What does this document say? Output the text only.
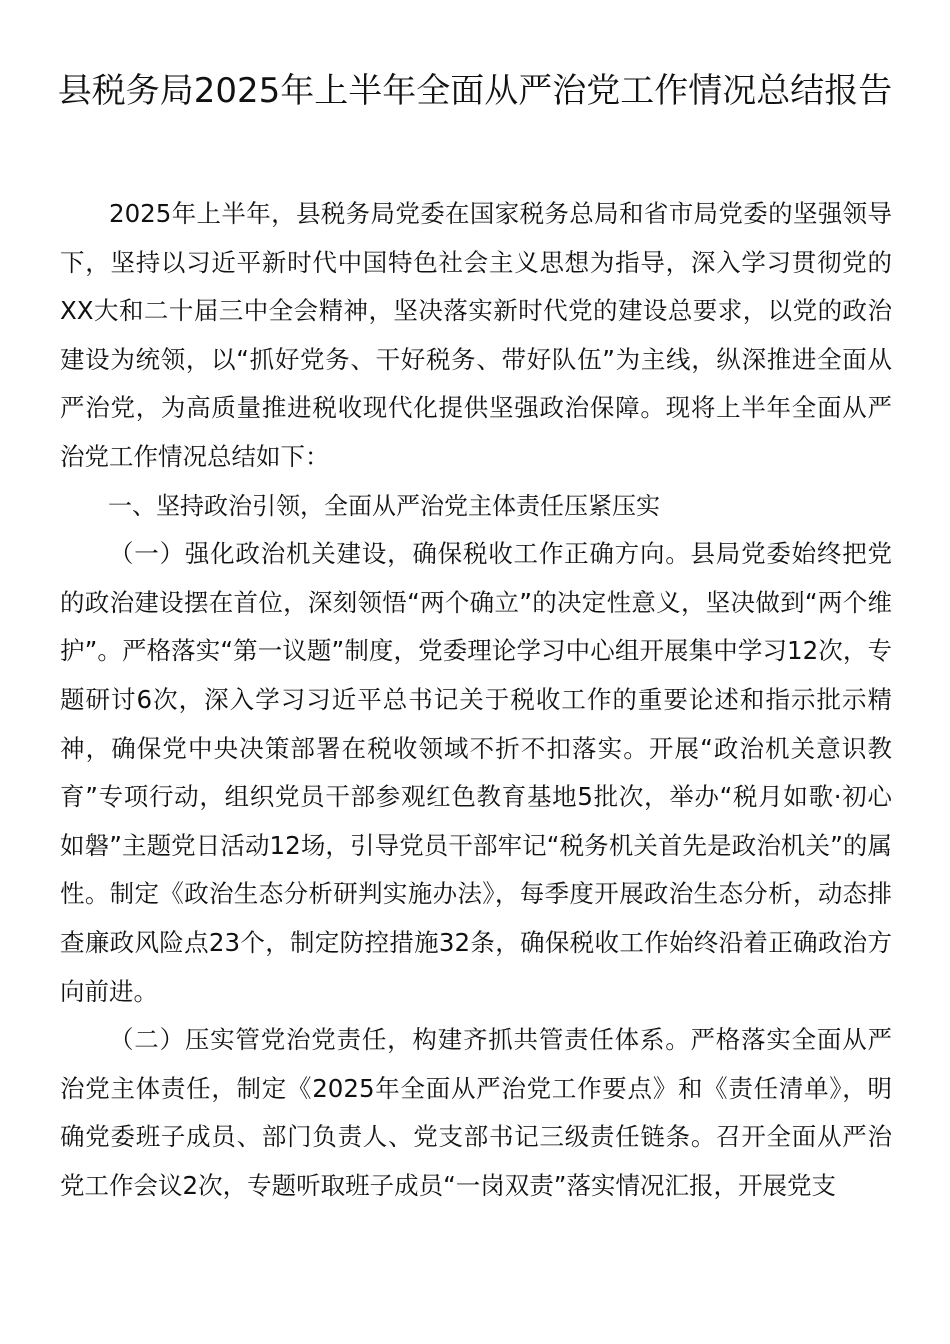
县税务局2025年上半年全面从严治党工作情况总结报告

2025年上半年，县税务局党委在国家税务总局和省市局党委的坚强领导下，坚持以习近平新时代中国特色社会主义思想为指导，深入学习贯彻党的XX大和二十届三中全会精神，坚决落实新时代党的建设总要求，以党的政治建设为统领，以“抓好党务、干好税务、带好队伍”为主线，纵深推进全面从严治党，为高质量推进税收现代化提供坚强政治保障。现将上半年全面从严治党工作情况总结如下：

一、坚持政治引领，全面从严治党主体责任压紧压实

（一）强化政治机关建设，确保税收工作正确方向。县局党委始终把党的政治建设摆在首位，深刻领悟“两个确立”的决定性意义，坚决做到“两个维护”。严格落实“第一议题”制度，党委理论学习中心组开展集中学习12次，专题研讨6次，深入学习习近平总书记关于税收工作的重要论述和指示批示精神，确保党中央决策部署在税收领域不折不扣落实。开展“政治机关意识教育”专项行动，组织党员干部参观红色教育基地5批次，举办“税月如歌·初心如磐”主题党日活动12场，引导党员干部牢记“税务机关首先是政治机关”的属性。制定《政治生态分析研判实施办法》，每季度开展政治生态分析，动态排查廉政风险点23个，制定防控措施32条，确保税收工作始终沿着正确政治方向前进。

（二）压实管党治党责任，构建齐抓共管责任体系。严格落实全面从严治党主体责任，制定《2025年全面从严治党工作要点》和《责任清单》，明确党委班子成员、部门负责人、党支部书记三级责任链条。召开全面从严治党工作会议2次，专题听取班子成员“一岗双责”落实情况汇报，开展党支
